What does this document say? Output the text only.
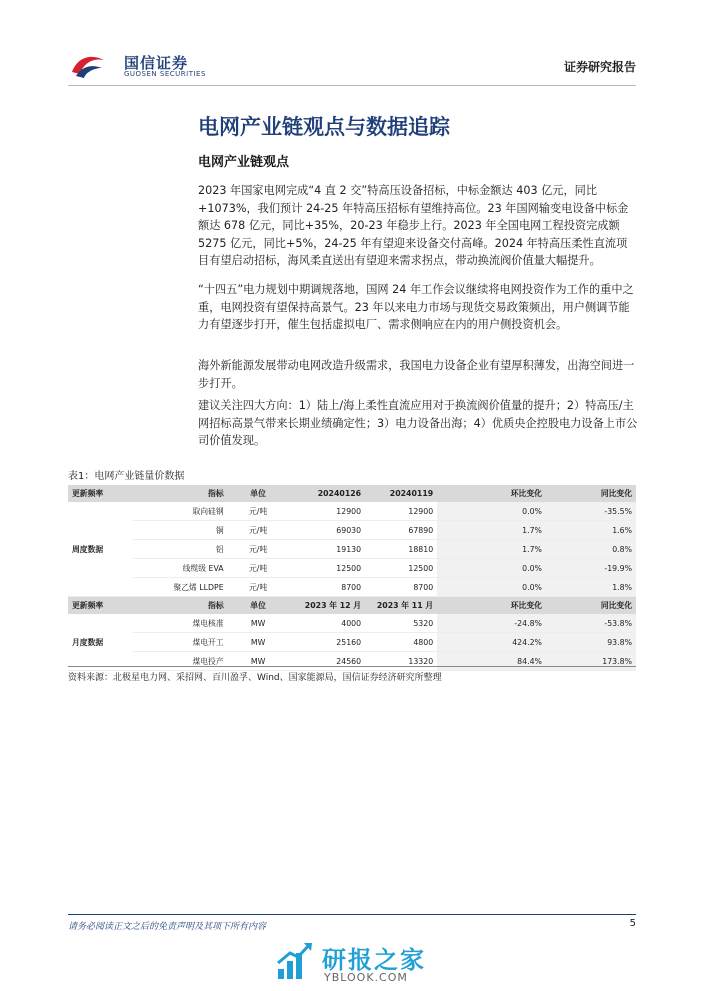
国信证券
GUOSEN SECURITIES	证券研究报告
电网产业链观点与数据追踪
电网产业链观点

2023 年国家电网完成“4 直 2 交”特高压设备招标，中标金额达 403 亿元，同比+1073%，我们预计 24-25 年特高压招标有望维持高位。23 年国网输变电设备中标金额达 678 亿元，同比+35%，20-23 年稳步上行。2023 年全国电网工程投资完成额 5275 亿元，同比+5%，24-25 年有望迎来设备交付高峰。2024 年特高压柔性直流项目有望启动招标，海风柔直送出有望迎来需求拐点，带动换流阀价值量大幅提升。

“十四五”电力规划中期调规落地，国网 24 年工作会议继续将电网投资作为工作的重中之重，电网投资有望保持高景气。23 年以来电力市场与现货交易政策频出，用户侧调节能力有望逐步打开，催生包括虚拟电厂、需求侧响应在内的用户侧投资机会。

海外新能源发展带动电网改造升级需求，我国电力设备企业有望厚积薄发，出海空间进一步打开。

建议关注四大方向：1）陆上/海上柔性直流应用对于换流阀价值量的提升；2）特高压/主网招标高景气带来长期业绩确定性；3）电力设备出海；4）优质央企控股电力设备上市公司价值发现。

表1：电网产业链量价数据
更新频率	指标	单位	20240126	20240119	环比变化	同比变化
周度数据	取向硅钢	元/吨	12900	12900	0.0%	-35.5%
	铜	元/吨	69030	67890	1.7%	1.6%
	铝	元/吨	19130	18810	1.7%	0.8%
	线缆级 EVA	元/吨	12500	12500	0.0%	-19.9%
	聚乙烯 LLDPE	元/吨	8700	8700	0.0%	1.8%
更新频率	指标	单位	2023 年 12 月	2023 年 11 月	环比变化	同比变化
月度数据	煤电核准	MW	4000	5320	-24.8%	-53.8%
	煤电开工	MW	25160	4800	424.2%	93.8%
	煤电投产	MW	24560	13320	84.4%	173.8%
资料来源：北极星电力网、采招网、百川盈孚、Wind、国家能源局，国信证券经济研究所整理
请务必阅读正文之后的免责声明及其项下所有内容	5
研报之家
YBLOOK.COM
